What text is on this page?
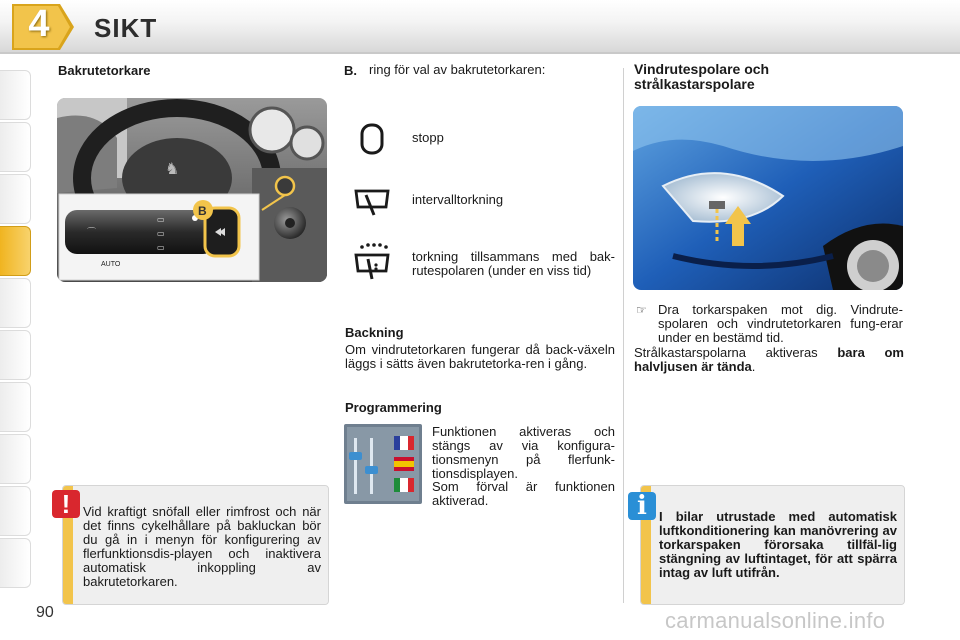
4 SIKT
Bakrutetorkare
♞
▭
▭
▭
⌒
AUTO
B
Vid kraftigt snöfall eller rimfrost och när det finns cykelhållare på bakluckan bör du gå in i menyn för konfigurering av flerfunktionsdis-playen och inaktivera automatisk inkoppling av bakrutetorkaren.
!
B. ring för val av bakrutetorkaren:
stopp
intervalltorkning
torkning tillsammans med bak-rutespolaren (under en viss tid)
Backning
Om vindrutetorkaren fungerar då back-växeln läggs i sätts även bakrutetorka-ren i gång.
Programmering
Funktionen aktiveras och stängs av via konfigura-tionsmenyn på flerfunk-tionsdisplayen.
Som förval är funktionen aktiverad.
Vindrutespolare och
strålkastarspolare
☞ Dra torkarspaken mot dig. Vindrute-spolaren och vindrutetorkaren fung-erar under en bestämd tid.
Strålkastarspolarna aktiveras bara om halvljusen är tända.
I bilar utrustade med automatisk luftkonditionering kan manövrering av torkarspaken förorsaka tillfäl-lig stängning av luftintaget, för att spärra intag av luft utifrån.
i
90	carmanualsonline.info
